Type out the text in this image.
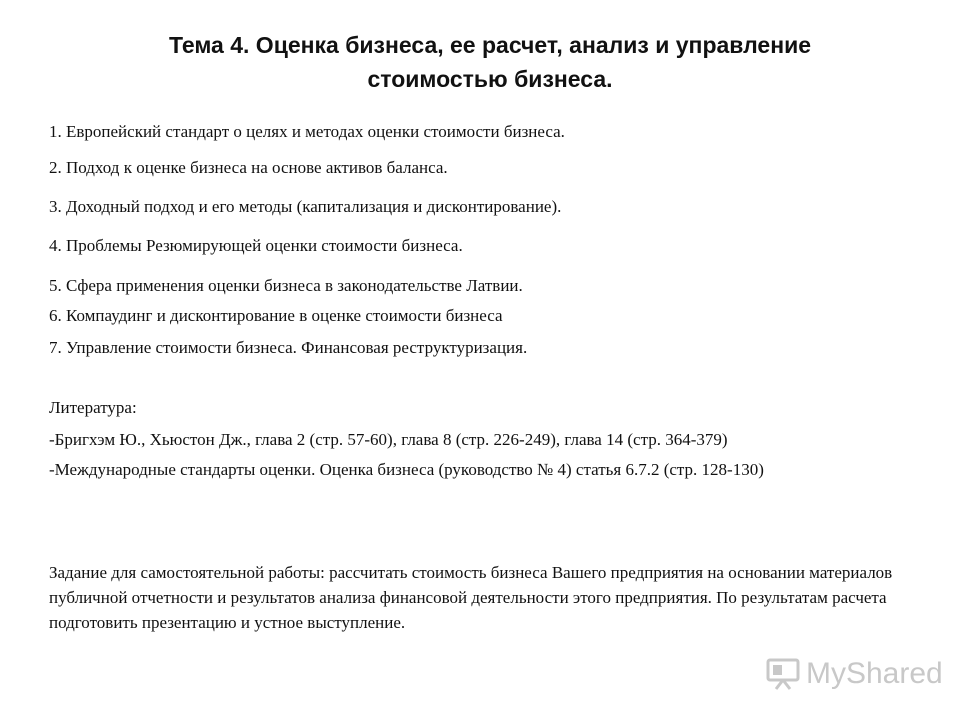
Тема 4. Оценка бизнеса, ее расчет, анализ и управление
стоимостью бизнеса.
1. Европейский стандарт о целях и методах оценки стоимости бизнеса.
2. Подход к оценке бизнеса на основе активов баланса.
3. Доходный подход и его методы (капитализация и дисконтирование).
4. Проблемы Резюмирующей оценки стоимости бизнеса.
5. Сфера применения оценки бизнеса в законодательстве Латвии.
6. Компаудинг и дисконтирование в оценке стоимости бизнеса
7. Управление стоимости бизнеса. Финансовая реструктуризация.
Литература:
-Бригхэм Ю., Хьюстон Дж., глава 2 (стр. 57-60), глава 8 (стр. 226-249), глава 14 (стр. 364-379)
-Международные стандарты оценки. Оценка бизнеса (руководство № 4) статья 6.7.2 (стр. 128-130)
Задание для самостоятельной работы: рассчитать стоимость бизнеса Вашего предприятия на основании материалов публичной отчетности и результатов анализа финансовой деятельности этого предприятия. По результатам расчета подготовить презентацию и устное выступление.
MyShared
